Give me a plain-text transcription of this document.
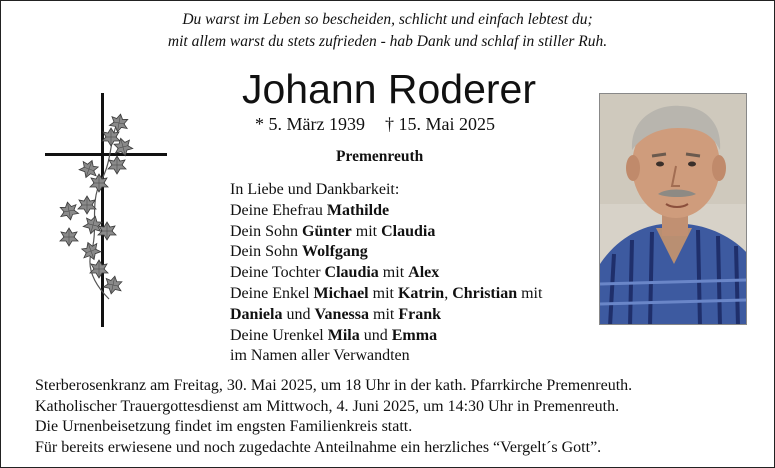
Du warst im Leben so bescheiden, schlicht und einfach lebtest du;
mit allem warst du stets zufrieden - hab Dank und schlaf in stiller Ruh.
Johann Roderer
* 5. März 1939 † 15. Mai 2025
Premenreuth
In Liebe und Dankbarkeit:
Deine Ehefrau Mathilde
Dein Sohn Günter mit Claudia
Dein Sohn Wolfgang
Deine Tochter Claudia mit Alex
Deine Enkel Michael mit Katrin, Christian mit
Daniela und Vanessa mit Frank
Deine Urenkel Mila und Emma
im Namen aller Verwandten
Sterberosenkranz am Freitag, 30. Mai 2025, um 18 Uhr in der kath. Pfarrkirche Premenreuth.
Katholischer Trauergottesdienst am Mittwoch, 4. Juni 2025, um 14:30 Uhr in Premenreuth.
Die Urnenbeisetzung findet im engsten Familienkreis statt.
Für bereits erwiesene und noch zugedachte Anteilnahme ein herzliches “Vergelt´s Gott”.
